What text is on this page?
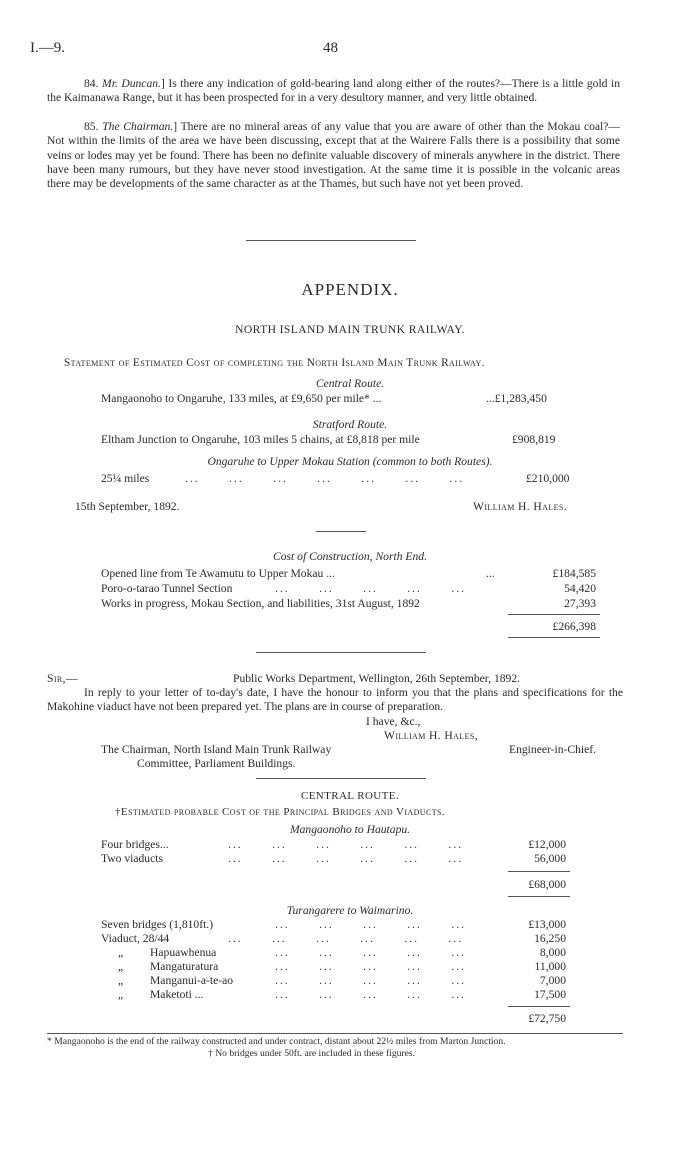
I.—9.	48
84. Mr. Duncan.] Is there any indication of gold-bearing land along either of the routes?—There is a little gold in the Kaimanawa Range, but it has been prospected for in a very desultory manner, and very little obtained.
85. The Chairman.] There are no mineral areas of any value that you are aware of other than the Mokau coal?—Not within the limits of the area we have been discussing, except that at the Wairere Falls there is a possibility that some veins or lodes may yet be found. There has been no definite valuable discovery of minerals anywhere in the district. There have been many rumours, but they have never stood investigation. At the same time it is possible in the volcanic areas there may be developments of the same character as at the Thames, but such have not yet been proved.
APPENDIX.
NORTH ISLAND MAIN TRUNK RAILWAY.
Statement of Estimated Cost of completing the North Island Main Trunk Railway.
Central Route.
Mangaonoho to Ongaruhe, 133 miles, at £9,650 per mile* ...	...£1,283,450
Stratford Route.
Eltham Junction to Ongaruhe, 103 miles 5 chains, at £8,818 per mile	£908,819
Ongaruhe to Upper Mokau Station (common to both Routes).
25¼ miles	...      ...      ...      ...      ...      ...      ...	£210,000
15th September, 1892.	William H. Hales.
Cost of Construction, North End.
Opened line from Te Awamutu to Upper Mokau ...	...	£184,585
Poro-o-tarao Tunnel Section	...      ...      ...      ...      ...	54,420
Works in progress, Mokau Section, and liabilities, 31st August, 1892	27,393
£266,398
Sir,—	Public Works Department, Wellington, 26th September, 1892.
In reply to your letter of to-day's date, I have the honour to inform you that the plans and specifications for the Makohine viaduct have not been prepared yet. The plans are in course of preparation.
I have, &c.,
William H. Hales,
The Chairman, North Island Main Trunk Railway	Engineer-in-Chief.
Committee, Parliament Buildings.
CENTRAL ROUTE.
†Estimated probable Cost of the Principal Bridges and Viaducts.
Mangaonoho to Hautapu.
Four bridges...	...      ...      ...      ...      ...      ...	£12,000
Two viaducts	...      ...      ...      ...      ...      ...	56,000
£68,000
Turangarere to Waimarino.
Seven bridges (1,810ft.)	...      ...      ...      ...      ...	£13,000
Viaduct, 28/44	...      ...      ...      ...      ...      ...	16,250
„ Hapuawhenua	...      ...      ...      ...      ...	8,000
„ Mangaturatura	...      ...      ...      ...      ...	11,000
„ Manganui-a-te-ao	...      ...      ...      ...      ...	7,000
„ Maketoti ...	...      ...      ...      ...      ...	17,500
£72,750
* Mangaonoho is the end of the railway constructed and under contract, distant about 22½ miles from Marton Junction.
† No bridges under 50ft. are included in these figures.
